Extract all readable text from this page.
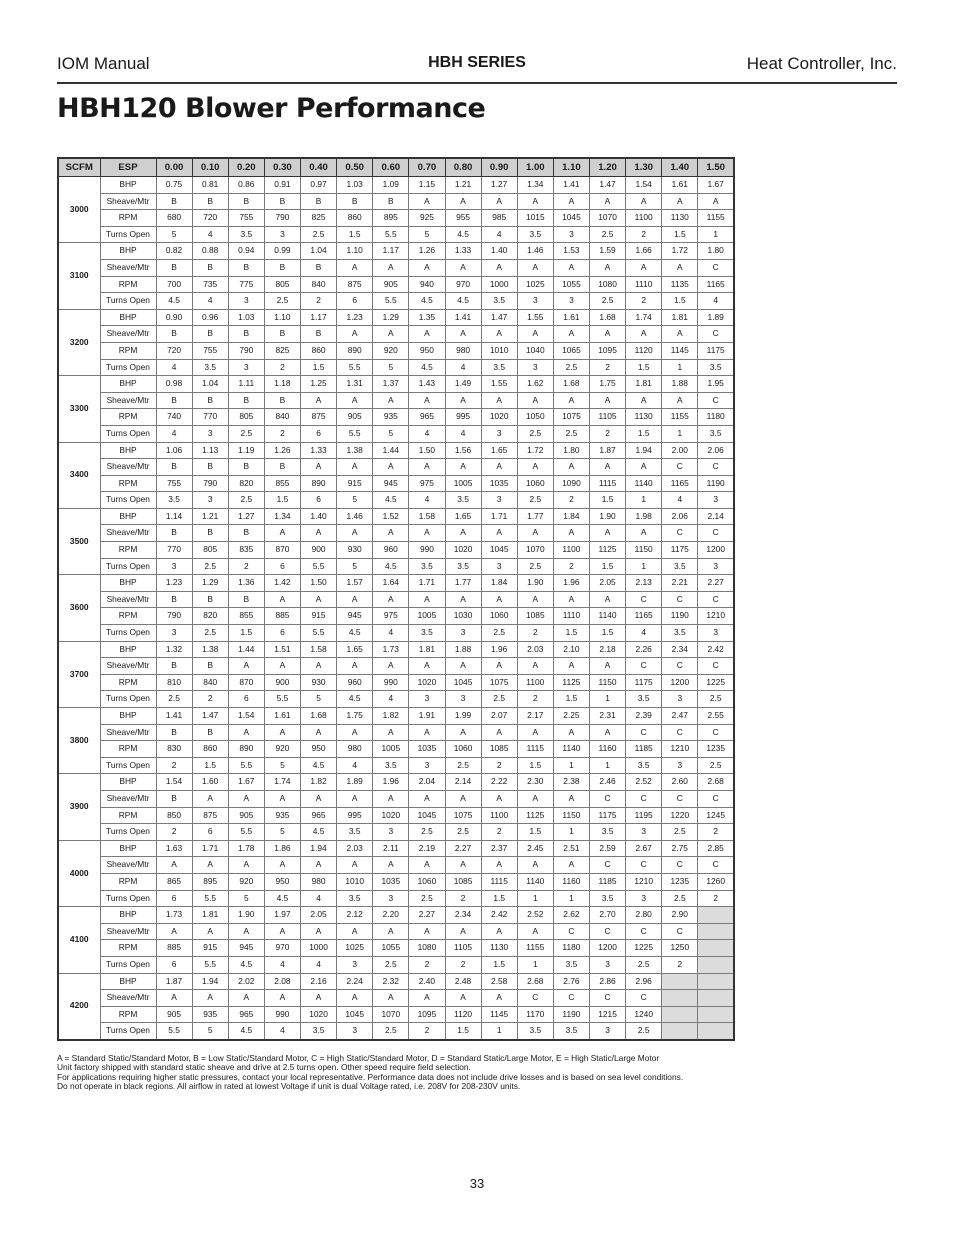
IOM Manual	HBH SERIES	Heat Controller, Inc.
HBH120 Blower Performance
SCFM	ESP	0.00	0.10	0.20	0.30	0.40	0.50	0.60	0.70	0.80	0.90	1.00	1.10	1.20	1.30	1.40	1.50
3000	BHP	0.75	0.81	0.86	0.91	0.97	1.03	1.09	1.15	1.21	1.27	1.34	1.41	1.47	1.54	1.61	1.67
	Sheave/Mtr	B	B	B	B	B	B	B	A	A	A	A	A	A	A	A	A
	RPM	680	720	755	790	825	860	895	925	955	985	1015	1045	1070	1100	1130	1155
	Turns Open	5	4	3.5	3	2.5	1.5	5.5	5	4.5	4	3.5	3	2.5	2	1.5	1
3100	BHP	0.82	0.88	0.94	0.99	1.04	1.10	1.17	1.26	1.33	1.40	1.46	1.53	1.59	1.66	1.72	1.80
	Sheave/Mtr	B	B	B	B	B	A	A	A	A	A	A	A	A	A	A	C
	RPM	700	735	775	805	840	875	905	940	970	1000	1025	1055	1080	1110	1135	1165
	Turns Open	4.5	4	3	2.5	2	6	5.5	4.5	4.5	3.5	3	3	2.5	2	1.5	4
3200	BHP	0.90	0.96	1.03	1.10	1.17	1.23	1.29	1.35	1.41	1.47	1.55	1.61	1.68	1.74	1.81	1.89
	Sheave/Mtr	B	B	B	B	B	A	A	A	A	A	A	A	A	A	A	C
	RPM	720	755	790	825	860	890	920	950	980	1010	1040	1065	1095	1120	1145	1175
	Turns Open	4	3.5	3	2	1.5	5.5	5	4.5	4	3.5	3	2.5	2	1.5	1	3.5
3300	BHP	0.98	1.04	1.11	1.18	1.25	1.31	1.37	1.43	1.49	1.55	1.62	1.68	1.75	1.81	1.88	1.95
	Sheave/Mtr	B	B	B	B	A	A	A	A	A	A	A	A	A	A	A	C
	RPM	740	770	805	840	875	905	935	965	995	1020	1050	1075	1105	1130	1155	1180
	Turns Open	4	3	2.5	2	6	5.5	5	4	4	3	2.5	2.5	2	1.5	1	3.5
3400	BHP	1.06	1.13	1.19	1.26	1.33	1.38	1.44	1.50	1.56	1.65	1.72	1.80	1.87	1.94	2.00	2.06
	Sheave/Mtr	B	B	B	B	A	A	A	A	A	A	A	A	A	A	C	C
	RPM	755	790	820	855	890	915	945	975	1005	1035	1060	1090	1115	1140	1165	1190
	Turns Open	3.5	3	2.5	1.5	6	5	4.5	4	3.5	3	2.5	2	1.5	1	4	3
3500	BHP	1.14	1.21	1.27	1.34	1.40	1.46	1.52	1.58	1.65	1.71	1.77	1.84	1.90	1.98	2.06	2.14
	Sheave/Mtr	B	B	B	A	A	A	A	A	A	A	A	A	A	A	C	C
	RPM	770	805	835	870	900	930	960	990	1020	1045	1070	1100	1125	1150	1175	1200
	Turns Open	3	2.5	2	6	5.5	5	4.5	3.5	3.5	3	2.5	2	1.5	1	3.5	3
3600	BHP	1.23	1.29	1.36	1.42	1.50	1.57	1.64	1.71	1.77	1.84	1.90	1.96	2.05	2.13	2.21	2.27
	Sheave/Mtr	B	B	B	A	A	A	A	A	A	A	A	A	A	C	C	C
	RPM	790	820	855	885	915	945	975	1005	1030	1060	1085	1110	1140	1165	1190	1210
	Turns Open	3	2.5	1.5	6	5.5	4.5	4	3.5	3	2.5	2	1.5	1.5	4	3.5	3
3700	BHP	1.32	1.38	1.44	1.51	1.58	1.65	1.73	1.81	1.88	1.96	2.03	2.10	2.18	2.26	2.34	2.42
	Sheave/Mtr	B	B	A	A	A	A	A	A	A	A	A	A	A	C	C	C
	RPM	810	840	870	900	930	960	990	1020	1045	1075	1100	1125	1150	1175	1200	1225
	Turns Open	2.5	2	6	5.5	5	4.5	4	3	3	2.5	2	1.5	1	3.5	3	2.5
3800	BHP	1.41	1.47	1.54	1.61	1.68	1.75	1.82	1.91	1.99	2.07	2.17	2.25	2.31	2.39	2.47	2.55
	Sheave/Mtr	B	B	A	A	A	A	A	A	A	A	A	A	A	C	C	C
	RPM	830	860	890	920	950	980	1005	1035	1060	1085	1115	1140	1160	1185	1210	1235
	Turns Open	2	1.5	5.5	5	4.5	4	3.5	3	2.5	2	1.5	1	1	3.5	3	2.5
3900	BHP	1.54	1.60	1.67	1.74	1.82	1.89	1.96	2.04	2.14	2.22	2.30	2.38	2.46	2.52	2.60	2.68
	Sheave/Mtr	B	A	A	A	A	A	A	A	A	A	A	A	C	C	C	C
	RPM	850	875	905	935	965	995	1020	1045	1075	1100	1125	1150	1175	1195	1220	1245
	Turns Open	2	6	5.5	5	4.5	3.5	3	2.5	2.5	2	1.5	1	3.5	3	2.5	2
4000	BHP	1.63	1.71	1.78	1.86	1.94	2.03	2.11	2.19	2.27	2.37	2.45	2.51	2.59	2.67	2.75	2.85
	Sheave/Mtr	A	A	A	A	A	A	A	A	A	A	A	A	C	C	C	C
	RPM	865	895	920	950	980	1010	1035	1060	1085	1115	1140	1160	1185	1210	1235	1260
	Turns Open	6	5.5	5	4.5	4	3.5	3	2.5	2	1.5	1	1	3.5	3	2.5	2
4100	BHP	1.73	1.81	1.90	1.97	2.05	2.12	2.20	2.27	2.34	2.42	2.52	2.62	2.70	2.80	2.90	
	Sheave/Mtr	A	A	A	A	A	A	A	A	A	A	A	C	C	C	C	
	RPM	885	915	945	970	1000	1025	1055	1080	1105	1130	1155	1180	1200	1225	1250	
	Turns Open	6	5.5	4.5	4	4	3	2.5	2	2	1.5	1	3.5	3	2.5	2	
4200	BHP	1.87	1.94	2.02	2.08	2.16	2.24	2.32	2.40	2.48	2.58	2.68	2.76	2.86	2.96		
	Sheave/Mtr	A	A	A	A	A	A	A	A	A	A	C	C	C	C		
	RPM	905	935	965	990	1020	1045	1070	1095	1120	1145	1170	1190	1215	1240		
	Turns Open	5.5	5	4.5	4	3.5	3	2.5	2	1.5	1	3.5	3.5	3	2.5		
A = Standard Static/Standard Motor, B = Low Static/Standard Motor, C = High Static/Standard Motor, D = Standard Static/Large Motor, E = High Static/Large Motor
Unit factory shipped with standard static sheave and drive at 2.5 turns open. Other speed require field selection.
For applications requiring higher static pressures, contact your local representative. Performance data does not include drive losses and is based on sea level conditions.
Do not operate in black regions. All airflow in rated at lowest Voltage if unit is dual Voltage rated, i.e. 208V for 208-230V units.
33
